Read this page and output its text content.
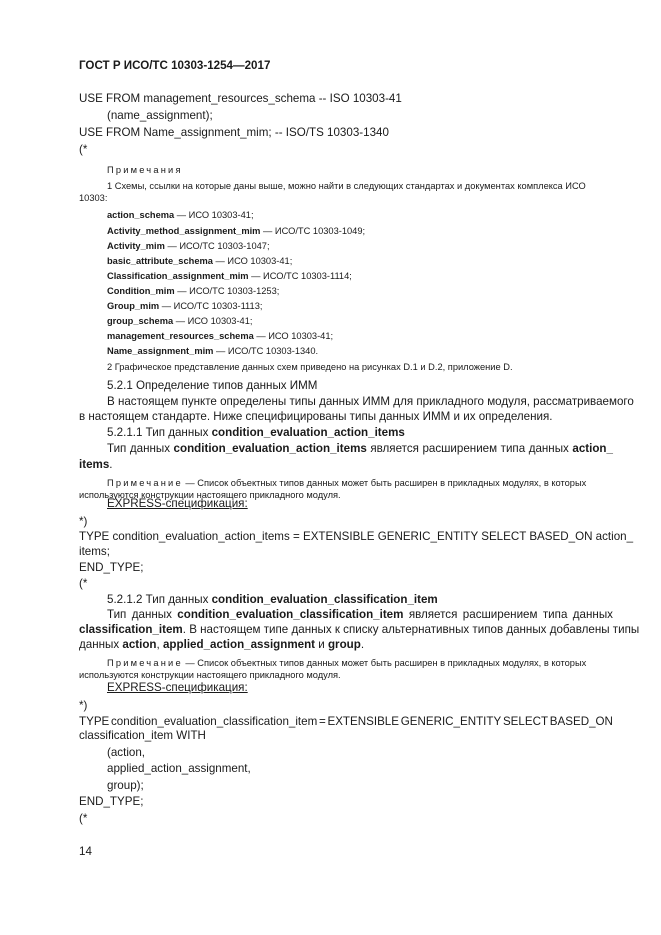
ГОСТ Р ИСО/ТС 10303-1254—2017
USE FROM management_resources_schema -- ISO 10303-41
(name_assignment);
USE FROM Name_assignment_mim; -- ISO/TS 10303-1340
(*
Примечания
1 Схемы, ссылки на которые даны выше, можно найти в следующих стандартах и документах комплекса ИСО
10303:
action_schema — ИСО 10303-41;
Activity_method_assignment_mim — ИСО/ТС 10303-1049;
Activity_mim — ИСО/ТС 10303-1047;
basic_attribute_schema — ИСО 10303-41;
Classification_assignment_mim — ИСО/ТС 10303-1114;
Condition_mim — ИСО/ТС 10303-1253;
Group_mim — ИСО/ТС 10303-1113;
group_schema — ИСО 10303-41;
management_resources_schema — ИСО 10303-41;
Name_assignment_mim — ИСО/ТС 10303-1340.
2 Графическое представление данных схем приведено на рисунках D.1 и D.2, приложение D.
5.2.1 Определение типов данных ИММ
В настоящем пункте определены типы данных ИММ для прикладного модуля, рассматриваемого
в настоящем стандарте. Ниже специфицированы типы данных ИММ и их определения.
5.2.1.1 Тип данных condition_evaluation_action_items
Тип данных condition_evaluation_action_items является расширением типа данных action_
items.
Примечание — Список объектных типов данных может быть расширен в прикладных модулях, в которых
используются конструкции настоящего прикладного модуля.
EXPRESS-спецификация:
*)
TYPE condition_evaluation_action_items = EXTENSIBLE GENERIC_ENTITY SELECT BASED_ON action_
items;
END_TYPE;
(*
5.2.1.2 Тип данных condition_evaluation_classification_item
Тип данных condition_evaluation_classification_item является расширением типа данных
classification_item. В настоящем типе данных к списку альтернативных типов данных добавлены типы
данных action, applied_action_assignment и group.
Примечание — Список объектных типов данных может быть расширен в прикладных модулях, в которых
используются конструкции настоящего прикладного модуля.
EXPRESS-спецификация:
*)
TYPE condition_evaluation_classification_item = EXTENSIBLE GENERIC_ENTITY SELECT BASED_ON
classification_item WITH
(action,
applied_action_assignment,
group);
END_TYPE;
(*
14
